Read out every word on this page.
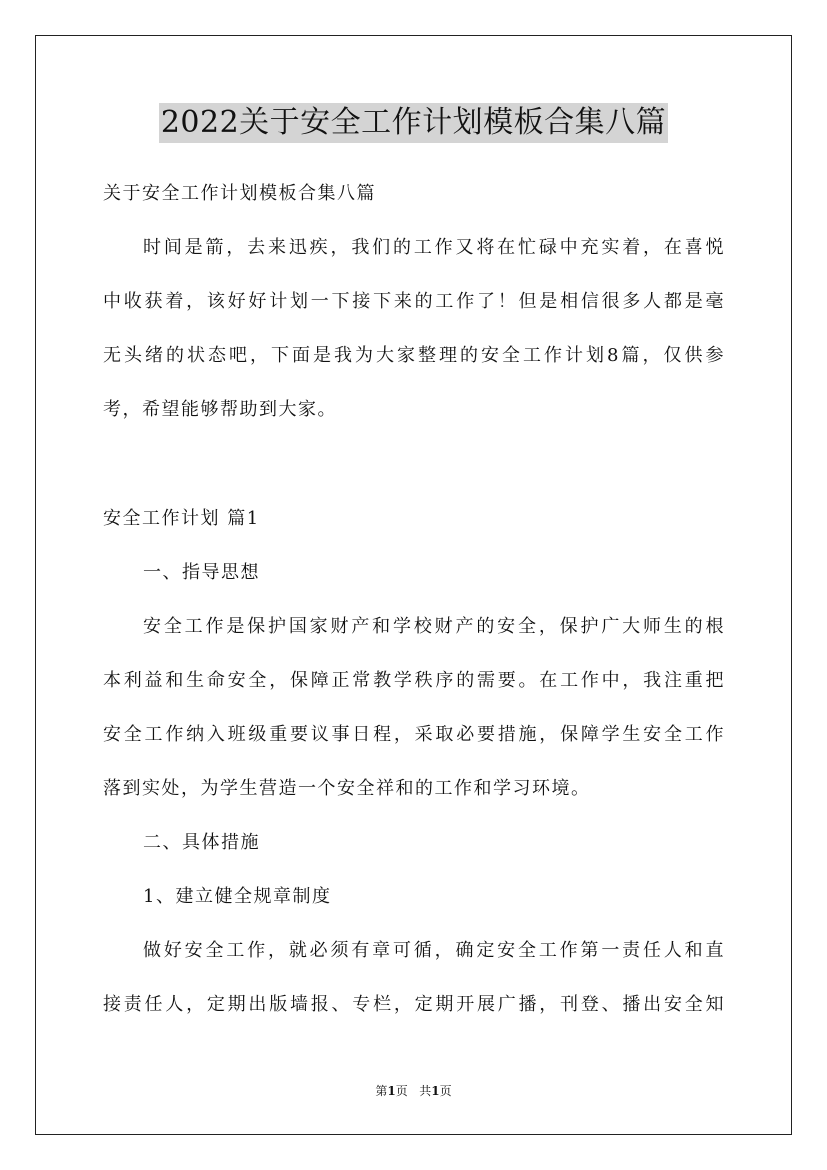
2022关于安全工作计划模板合集八篇
关于安全工作计划模板合集八篇
时间是箭，去来迅疾，我们的工作又将在忙碌中充实着，在喜悦
中收获着，该好好计划一下接下来的工作了！但是相信很多人都是毫
无头绪的状态吧，下面是我为大家整理的安全工作计划8篇，仅供参
考，希望能够帮助到大家。
安全工作计划 篇1
一、指导思想
安全工作是保护国家财产和学校财产的安全，保护广大师生的根
本利益和生命安全，保障正常教学秩序的需要。在工作中，我注重把
安全工作纳入班级重要议事日程，采取必要措施，保障学生安全工作
落到实处，为学生营造一个安全祥和的工作和学习环境。
二、具体措施
1、建立健全规章制度
做好安全工作，就必须有章可循，确定安全工作第一责任人和直
接责任人，定期出版墙报、专栏，定期开展广播，刊登、播出安全知
第1页 共1页
